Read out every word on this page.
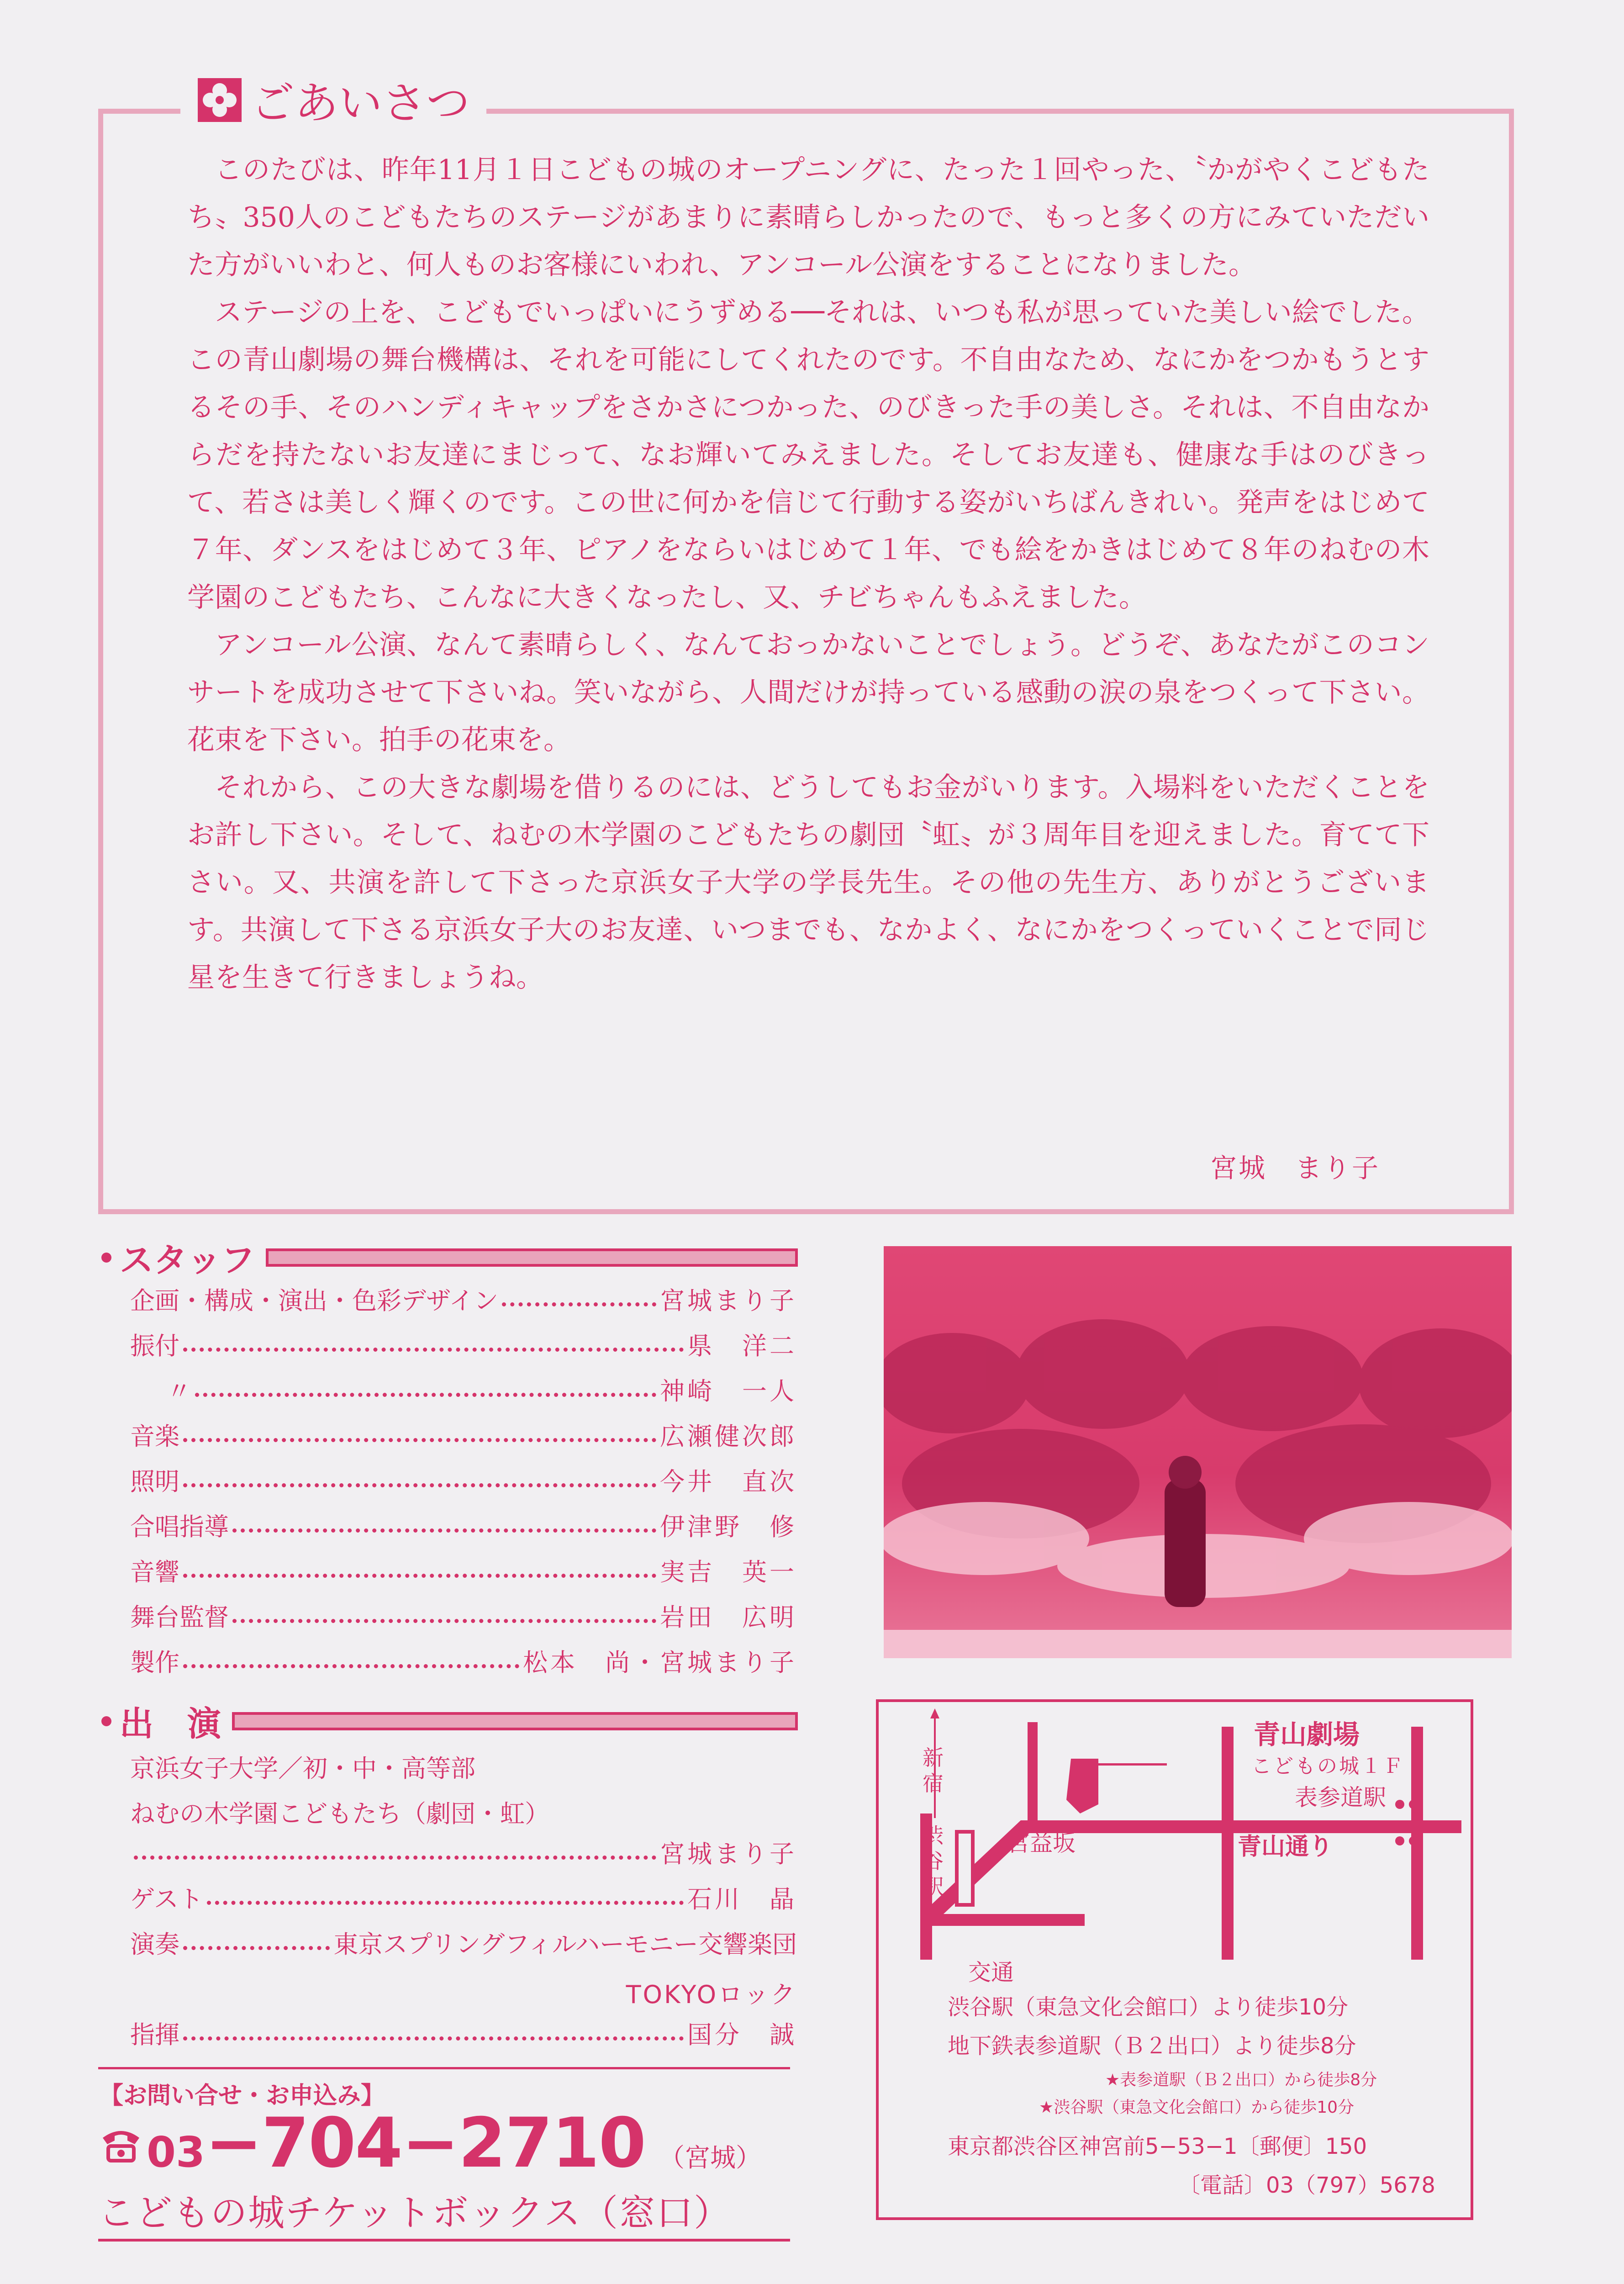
ごあいさつ

このたびは、昨年11月１日こどもの城のオープニングに、たった１回やった、〝かがやくこどもたち〟350人のこどもたちのステージがあまりに素晴らしかったので、もっと多くの方にみていただいた方がいいわと、何人ものお客様にいわれ、アンコール公演をすることになりました。

ステージの上を、こどもでいっぱいにうずめる──それは、いつも私が思っていた美しい絵でした。この青山劇場の舞台機構は、それを可能にしてくれたのです。不自由なため、なにかをつかもうとするその手、そのハンディキャップをさかさにつかった、のびきった手の美しさ。それは、不自由なからだを持たないお友達にまじって、なお輝いてみえました。そしてお友達も、健康な手はのびきって、若さは美しく輝くのです。この世に何かを信じて行動する姿がいちばんきれい。発声をはじめて７年、ダンスをはじめて３年、ピアノをならいはじめて１年、でも絵をかきはじめて８年のねむの木学園のこどもたち、こんなに大きくなったし、又、チビちゃんもふえました。

アンコール公演、なんて素晴らしく、なんておっかないことでしょう。どうぞ、あなたがこのコンサートを成功させて下さいね。笑いながら、人間だけが持っている感動の涙の泉をつくって下さい。花束を下さい。拍手の花束を。

それから、この大きな劇場を借りるのには、どうしてもお金がいります。入場料をいただくことをお許し下さい。そして、ねむの木学園のこどもたちの劇団〝虹〟が３周年目を迎えました。育てて下さい。又、共演を許して下さった京浜女子大学の学長先生。その他の先生方、ありがとうございます。共演して下さる京浜女子大のお友達、いつまでも、なかよく、なにかをつくっていくことで同じ星を生きて行きましょうね。

宮城　まり子
スタッフ
企画・構成・演出・色彩デザイン	宮城まり子
振付	県　洋二
〃	神崎　一人
音楽	広瀬健次郎
照明	今井　直次
合唱指導	伊津野　修
音響	実吉　英一
舞台監督	岩田　広明
製作	松本　尚・宮城まり子
出　演
京浜女子大学／初・中・高等部
ねむの木学園こどもたち（劇団・虹）
宮城まり子
ゲスト	石川　晶
演奏	東京スプリングフィルハーモニー交響楽団
TOKYOロック
指揮	国分　誠
青山劇場
こどもの城１Ｆ
表参道駅
新宿
渋谷駅
宮益坂	青山通り
交通
渋谷駅（東急文化会館口）より徒歩10分
地下鉄表参道駅（Ｂ２出口）より徒歩8分
★表参道駅（Ｂ２出口）から徒歩8分
★渋谷駅（東急文化会館口）から徒歩10分
東京都渋谷区神宮前5−53−1〔郵便〕150
〔電話〕03（797）5678
【お問い合せ・お申込み】
03 −704−2710 （宮城）
こどもの城チケットボックス（窓口）
